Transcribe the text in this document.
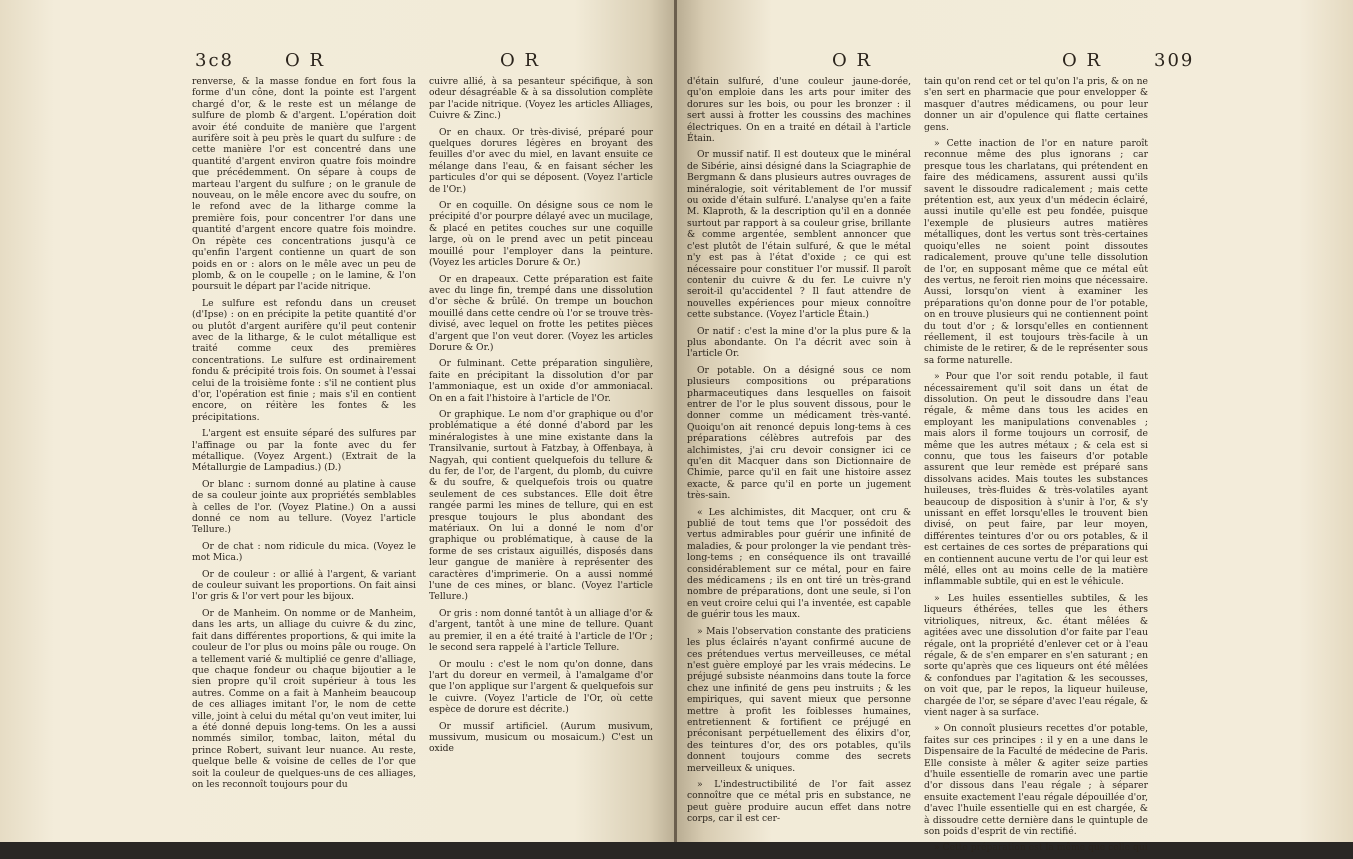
3c8	O R	O R

renverse, & la masse fondue en fort fous la forme d'un cône, dont la pointe est l'argent chargé d'or, & le reste est un mélange de sulfure de plomb & d'argent. L'opération doit avoir été conduite de manière que l'argent aurifère soit à peu près le quart du sulfure : de cette manière l'or est concentré dans une quantité d'argent environ quatre fois moindre que précédemment. On sépare à coups de marteau l'argent du sulfure ; on le granule de nouveau, on le mêle encore avec du soufre, on le refond avec de la litharge comme la première fois, pour concentrer l'or dans une quantité d'argent encore quatre fois moindre. On répète ces concentrations jusqu'à ce qu'enfin l'argent contienne un quart de son poids en or : alors on le mêle avec un peu de plomb, & on le coupelle ; on le lamine, & l'on poursuit le départ par l'acide nitrique.

Le sulfure est refondu dans un creuset (d'Ipse) : on en précipite la petite quantité d'or ou plutôt d'argent aurifère qu'il peut contenir avec de la litharge, & le culot métallique est traité comme ceux des premières concentrations. Le sulfure est ordinairement fondu & précipité trois fois. On soumet à l'essai celui de la troisième fonte : s'il ne contient plus d'or, l'opération est finie ; mais s'il en contient encore, on réitère les fontes & les précipitations.

L'argent est ensuite séparé des sulfures par l'affinage ou par la fonte avec du fer métallique. (Voyez Argent.) (Extrait de la Métallurgie de Lampadius.) (D.)

Or blanc : surnom donné au platine à cause de sa couleur jointe aux propriétés semblables à celles de l'or. (Voyez Platine.) On a aussi donné ce nom au tellure. (Voyez l'article Tellure.)

Or de chat : nom ridicule du mica. (Voyez le mot Mica.)

Or de couleur : or allié à l'argent, & variant de couleur suivant les proportions. On fait ainsi l'or gris & l'or vert pour les bijoux.

Or de Manheim. On nomme or de Manheim, dans les arts, un alliage du cuivre & du zinc, fait dans différentes proportions, & qui imite la couleur de l'or plus ou moins pâle ou rouge. On a tellement varié & multiplié ce genre d'alliage, que chaque fondeur ou chaque bijoutier a le sien propre qu'il croit supérieur à tous les autres. Comme on a fait à Manheim beaucoup de ces alliages imitant l'or, le nom de cette ville, joint à celui du métal qu'on veut imiter, lui a été donné depuis long-tems. On les a aussi nommés similor, tombac, laiton, métal du prince Robert, suivant leur nuance. Au reste, quelque belle & voisine de celles de l'or que soit la couleur de quelques-uns de ces alliages, on les reconnoît toujours pour du

cuivre allié, à sa pesanteur spécifique, à son odeur désagréable & à sa dissolution complète par l'acide nitrique. (Voyez les articles Alliages, Cuivre & Zinc.)

Or en chaux. Or très-divisé, préparé pour quelques dorures légères en broyant des feuilles d'or avec du miel, en lavant ensuite ce mélange dans l'eau, & en faisant sécher les particules d'or qui se déposent. (Voyez l'article de l'Or.)

Or en coquille. On désigne sous ce nom le précipité d'or pourpre délayé avec un mucilage, & placé en petites couches sur une coquille large, où on le prend avec un petit pinceau mouillé pour l'employer dans la peinture. (Voyez les articles Dorure & Or.)

Or en drapeaux. Cette préparation est faite avec du linge fin, trempé dans une dissolution d'or sèche & brûlé. On trempe un bouchon mouillé dans cette cendre où l'or se trouve très-divisé, avec lequel on frotte les petites pièces d'argent que l'on veut dorer. (Voyez les articles Dorure & Or.)

Or fulminant. Cette préparation singulière, faite en précipitant la dissolution d'or par l'ammoniaque, est un oxide d'or ammoniacal. On en a fait l'histoire à l'article de l'Or.

Or graphique. Le nom d'or graphique ou d'or problématique a été donné d'abord par les minéralogistes à une mine existante dans la Transilvanie, surtout à Fatzbay, à Offenbaya, à Nagyah, qui contient quelquefois du tellure & du fer, de l'or, de l'argent, du plomb, du cuivre & du soufre, & quelquefois trois ou quatre seulement de ces substances. Elle doit être rangée parmi les mines de tellure, qui en est presque toujours le plus abondant des matériaux. On lui a donné le nom d'or graphique ou problématique, à cause de la forme de ses cristaux aiguillés, disposés dans leur gangue de manière à représenter des caractères d'imprimerie. On a aussi nommé l'une de ces mines, or blanc. (Voyez l'article Tellure.)

Or gris : nom donné tantôt à un alliage d'or & d'argent, tantôt à une mine de tellure. Quant au premier, il en a été traité à l'article de l'Or ; le second sera rappelé à l'article Tellure.

Or moulu : c'est le nom qu'on donne, dans l'art du doreur en vermeil, à l'amalgame d'or que l'on applique sur l'argent & quelquefois sur le cuivre. (Voyez l'article de l'Or, où cette espèce de dorure est décrite.)

Or mussif artificiel. (Aurum musivum, mussivum, musicum ou mosaicum.) C'est un oxide

O R	O R	309

d'étain sulfuré, d'une couleur jaune-dorée, qu'on emploie dans les arts pour imiter des dorures sur les bois, ou pour les bronzer : il sert aussi à frotter les coussins des machines électriques. On en a traité en détail à l'article Étain.

Or mussif natif. Il est douteux que le minéral de Sibérie, ainsi désigné dans la Sciagraphie de Bergmann & dans plusieurs autres ouvrages de minéralogie, soit véritablement de l'or mussif ou oxide d'étain sulfuré. L'analyse qu'en a faite M. Klaproth, & la description qu'il en a donnée surtout par rapport à sa couleur grise, brillante & comme argentée, semblent annoncer que c'est plutôt de l'étain sulfuré, & que le métal n'y est pas à l'état d'oxide ; ce qui est nécessaire pour constituer l'or mussif. Il paroît contenir du cuivre & du fer. Le cuivre n'y seroit-il qu'accidentel ? Il faut attendre de nouvelles expériences pour mieux connoître cette substance. (Voyez l'article Étain.)

Or natif : c'est la mine d'or la plus pure & la plus abondante. On l'a décrit avec soin à l'article Or.

Or potable. On a désigné sous ce nom plusieurs compositions ou préparations pharmaceutiques dans lesquelles on faisoit entrer de l'or le plus souvent dissous, pour le donner comme un médicament très-vanté. Quoiqu'on ait renoncé depuis long-tems à ces préparations célèbres autrefois par des alchimistes, j'ai cru devoir consigner ici ce qu'en dit Macquer dans son Dictionnaire de Chimie, parce qu'il en fait une histoire assez exacte, & parce qu'il en porte un jugement très-sain.

« Les alchimistes, dit Macquer, ont cru & publié de tout tems que l'or possédoit des vertus admirables pour guérir une infinité de maladies, & pour prolonger la vie pendant très-long-tems ; en conséquence ils ont travaillé considérablement sur ce métal, pour en faire des médicamens ; ils en ont tiré un très-grand nombre de préparations, dont une seule, si l'on en veut croire celui qui l'a inventée, est capable de guérir tous les maux.

» Mais l'observation constante des praticiens les plus éclairés n'ayant confirmé aucune de ces prétendues vertus merveilleuses, ce métal n'est guère employé par les vrais médecins. Le préjugé subsiste néanmoins dans toute la force chez une infinité de gens peu instruits ; & les empiriques, qui savent mieux que personne mettre à profit les foiblesses humaines, entretiennent & fortifient ce préjugé en préconisant perpétuellement des élixirs d'or, des teintures d'or, des ors potables, qu'ils donnent toujours comme des secrets merveilleux & uniques.

» L'indestructibilité de l'or fait assez connoître que ce métal pris en substance, ne peut guère produire aucun effet dans notre corps, car il est cer-

tain qu'on rend cet or tel qu'on l'a pris, & on ne s'en sert en pharmacie que pour envelopper & masquer d'autres médicamens, ou pour leur donner un air d'opulence qui flatte certaines gens.

» Cette inaction de l'or en nature paroît reconnue même des plus ignorans ; car presque tous les charlatans, qui prétendent en faire des médicamens, assurent aussi qu'ils savent le dissoudre radicalement ; mais cette prétention est, aux yeux d'un médecin éclairé, aussi inutile qu'elle est peu fondée, puisque l'exemple de plusieurs autres matières métalliques, dont les vertus sont très-certaines quoiqu'elles ne soient point dissoutes radicalement, prouve qu'une telle dissolution de l'or, en supposant même que ce métal eût des vertus, ne feroit rien moins que nécessaire. Aussi, lorsqu'on vient à examiner les préparations qu'on donne pour de l'or potable, on en trouve plusieurs qui ne contiennent point du tout d'or ; & lorsqu'elles en contiennent réellement, il est toujours très-facile à un chimiste de le retirer, & de le représenter sous sa forme naturelle.

» Pour que l'or soit rendu potable, il faut nécessairement qu'il soit dans un état de dissolution. On peut le dissoudre dans l'eau régale, & même dans tous les acides en employant les manipulations convenables ; mais alors il forme toujours un corrosif, de même que les autres métaux ; & cela est si connu, que tous les faiseurs d'or potable assurent que leur remède est préparé sans dissolvans acides. Mais toutes les substances huileuses, très-fluides & très-volatiles ayant beaucoup de disposition à s'unir à l'or, & s'y unissant en effet lorsqu'elles le trouvent bien divisé, on peut faire, par leur moyen, différentes teintures d'or ou ors potables, & il est certaines de ces sortes de préparations qui en contiennent aucune vertu de l'or qui leur est mêlé, elles ont au moins celle de la matière inflammable subtile, qui en est le véhicule.

» Les huiles essentielles subtiles, & les liqueurs éthérées, telles que les éthers vitrioliques, nitreux, &c. étant mêlées & agitées avec une dissolution d'or faite par l'eau régale, ont la propriété d'enlever cet or à l'eau régale, & de s'en emparer en s'en saturant ; en sorte qu'après que ces liqueurs ont été mêlées & confondues par l'agitation & les secousses, on voit que, par le repos, la liqueur huileuse, chargée de l'or, se sépare d'avec l'eau régale, & vient nager à sa surface.

» On connoît plusieurs recettes d'or potable, faites sur ces principes : il y en a une dans le Dispensaire de la Faculté de médecine de Paris. Elle consiste à mêler & agiter seize parties d'huile essentielle de romarin avec une partie d'or dissous dans l'eau régale ; à séparer ensuite exactement l'eau régale dépouillée d'or, d'avec l'huile essentielle qui en est chargée, & à dissoudre cette dernière dans le quintuple de son poids d'esprit de vin rectifié.

» Cette préparation est la même que celle qui
